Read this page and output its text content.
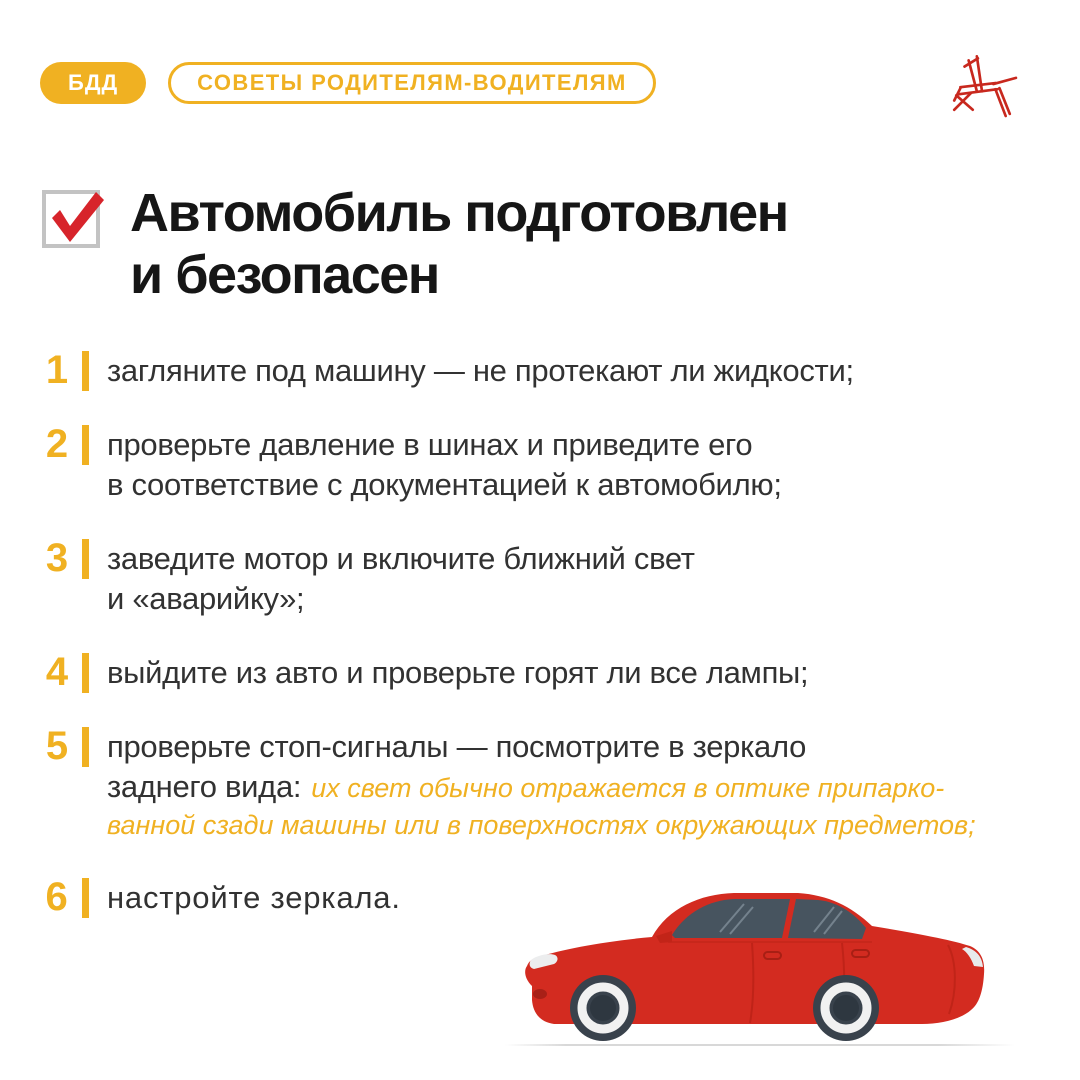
БДД	СОВЕТЫ РОДИТЕЛЯМ-ВОДИТЕЛЯМ
Автомобиль подготовлен
и безопасен
1 загляните под машину — не протекают ли жидкости;
2 проверьте давление в шинах и приведите его
в соответствие с документацией к автомобилю;
3 заведите мотор и включите ближний свет
и «аварийку»;
4 выйдите из авто и проверьте горят ли все лампы;
5 проверьте стоп-сигналы — посмотрите в зеркало
заднего вида: их свет обычно отражается в оптике припарко-
ванной сзади машины или в поверхностях окружающих предметов;
6 настройте зеркала.
